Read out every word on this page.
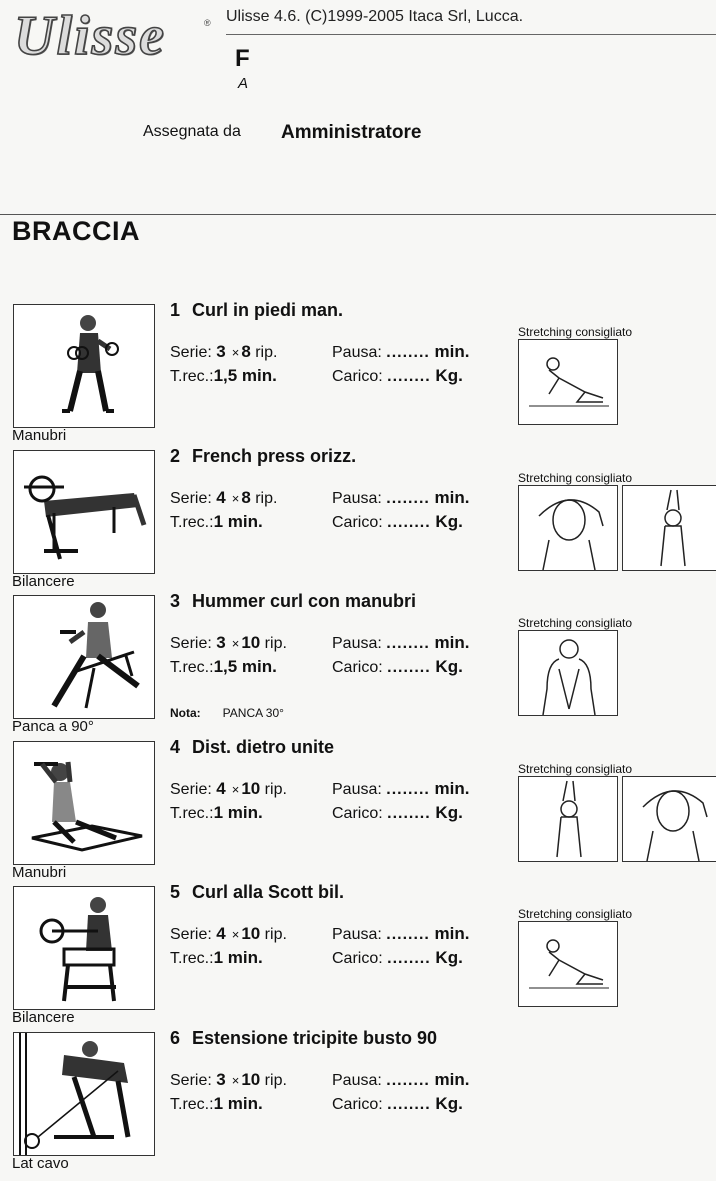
Ulisse	® Ulisse 4.6. (C)1999-2005 Itaca Srl, Lucca.
F
A
Assegnata da Amministratore
BRACCIA
Manubri
1 Curl in piedi man.
Serie: 3 × 8 rip.	Pausa: ........ min.
T.rec.:1,5 min.	Carico: ........ Kg.
Stretching consigliato
Bilancere
2 French press orizz.
Serie: 4 × 8 rip.	Pausa: ........ min.
T.rec.:1 min.	Carico: ........ Kg.
Stretching consigliato
Panca a 90°
3 Hummer curl con manubri
Serie: 3 × 10 rip.	Pausa: ........ min.
T.rec.:1,5 min.	Carico: ........ Kg.
Stretching consigliato
Nota: PANCA 30°
Manubri
4 Dist. dietro unite
Serie: 4 × 10 rip.	Pausa: ........ min.
T.rec.:1 min.	Carico: ........ Kg.
Stretching consigliato
Bilancere
5 Curl alla Scott bil.
Serie: 4 × 10 rip.	Pausa: ........ min.
T.rec.:1 min.	Carico: ........ Kg.
Stretching consigliato
Lat cavo
6 Estensione tricipite busto 90
Serie: 3 × 10 rip.	Pausa: ........ min.
T.rec.:1 min.	Carico: ........ Kg.
